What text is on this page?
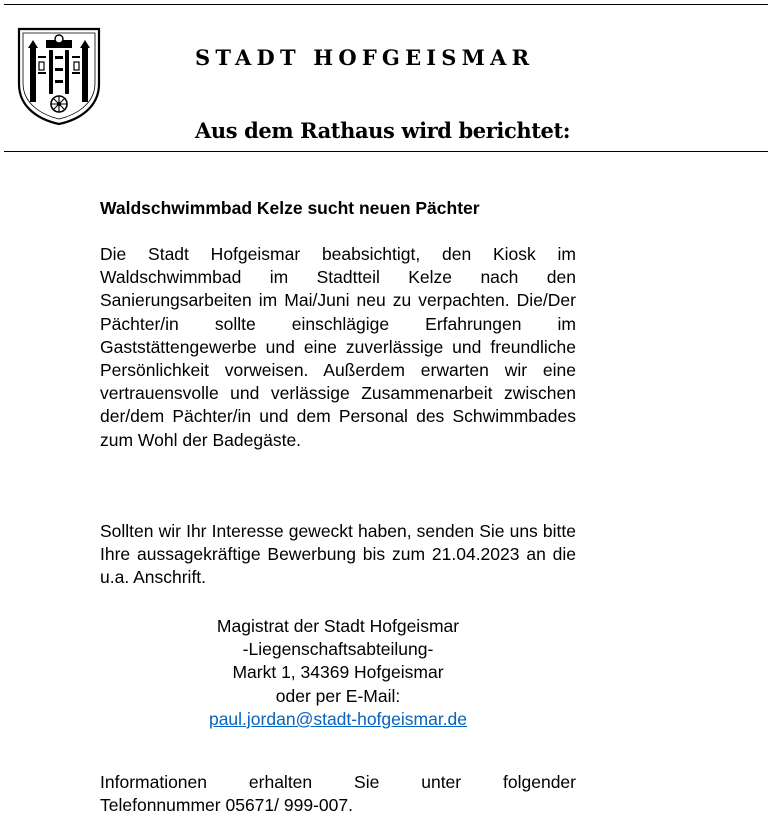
STADT HOFGEISMAR
Aus dem Rathaus wird berichtet:
Waldschwimmbad Kelze sucht neuen Pächter
Die Stadt Hofgeismar beabsichtigt, den Kiosk im Waldschwimmbad im Stadtteil Kelze nach den Sanierungsarbeiten im Mai/Juni neu zu verpachten. Die/Der Pächter/in sollte einschlägige Erfahrungen im Gaststättengewerbe und eine zuverlässige und freundliche Persönlichkeit vorweisen. Außerdem erwarten wir eine vertrauensvolle und verlässige Zusammenarbeit zwischen der/dem Pächter/in und dem Personal des Schwimmbades zum Wohl der Badegäste.
Sollten wir Ihr Interesse geweckt haben, senden Sie uns bitte Ihre aussagekräftige Bewerbung bis zum 21.04.2023 an die u.a. Anschrift.
Magistrat der Stadt Hofgeismar
-Liegenschaftsabteilung-
Markt 1, 34369 Hofgeismar
oder per E-Mail:
paul.jordan@stadt-hofgeismar.de
Informationen erhalten Sie unter folgender
Telefonnummer 05671/ 999-007.
